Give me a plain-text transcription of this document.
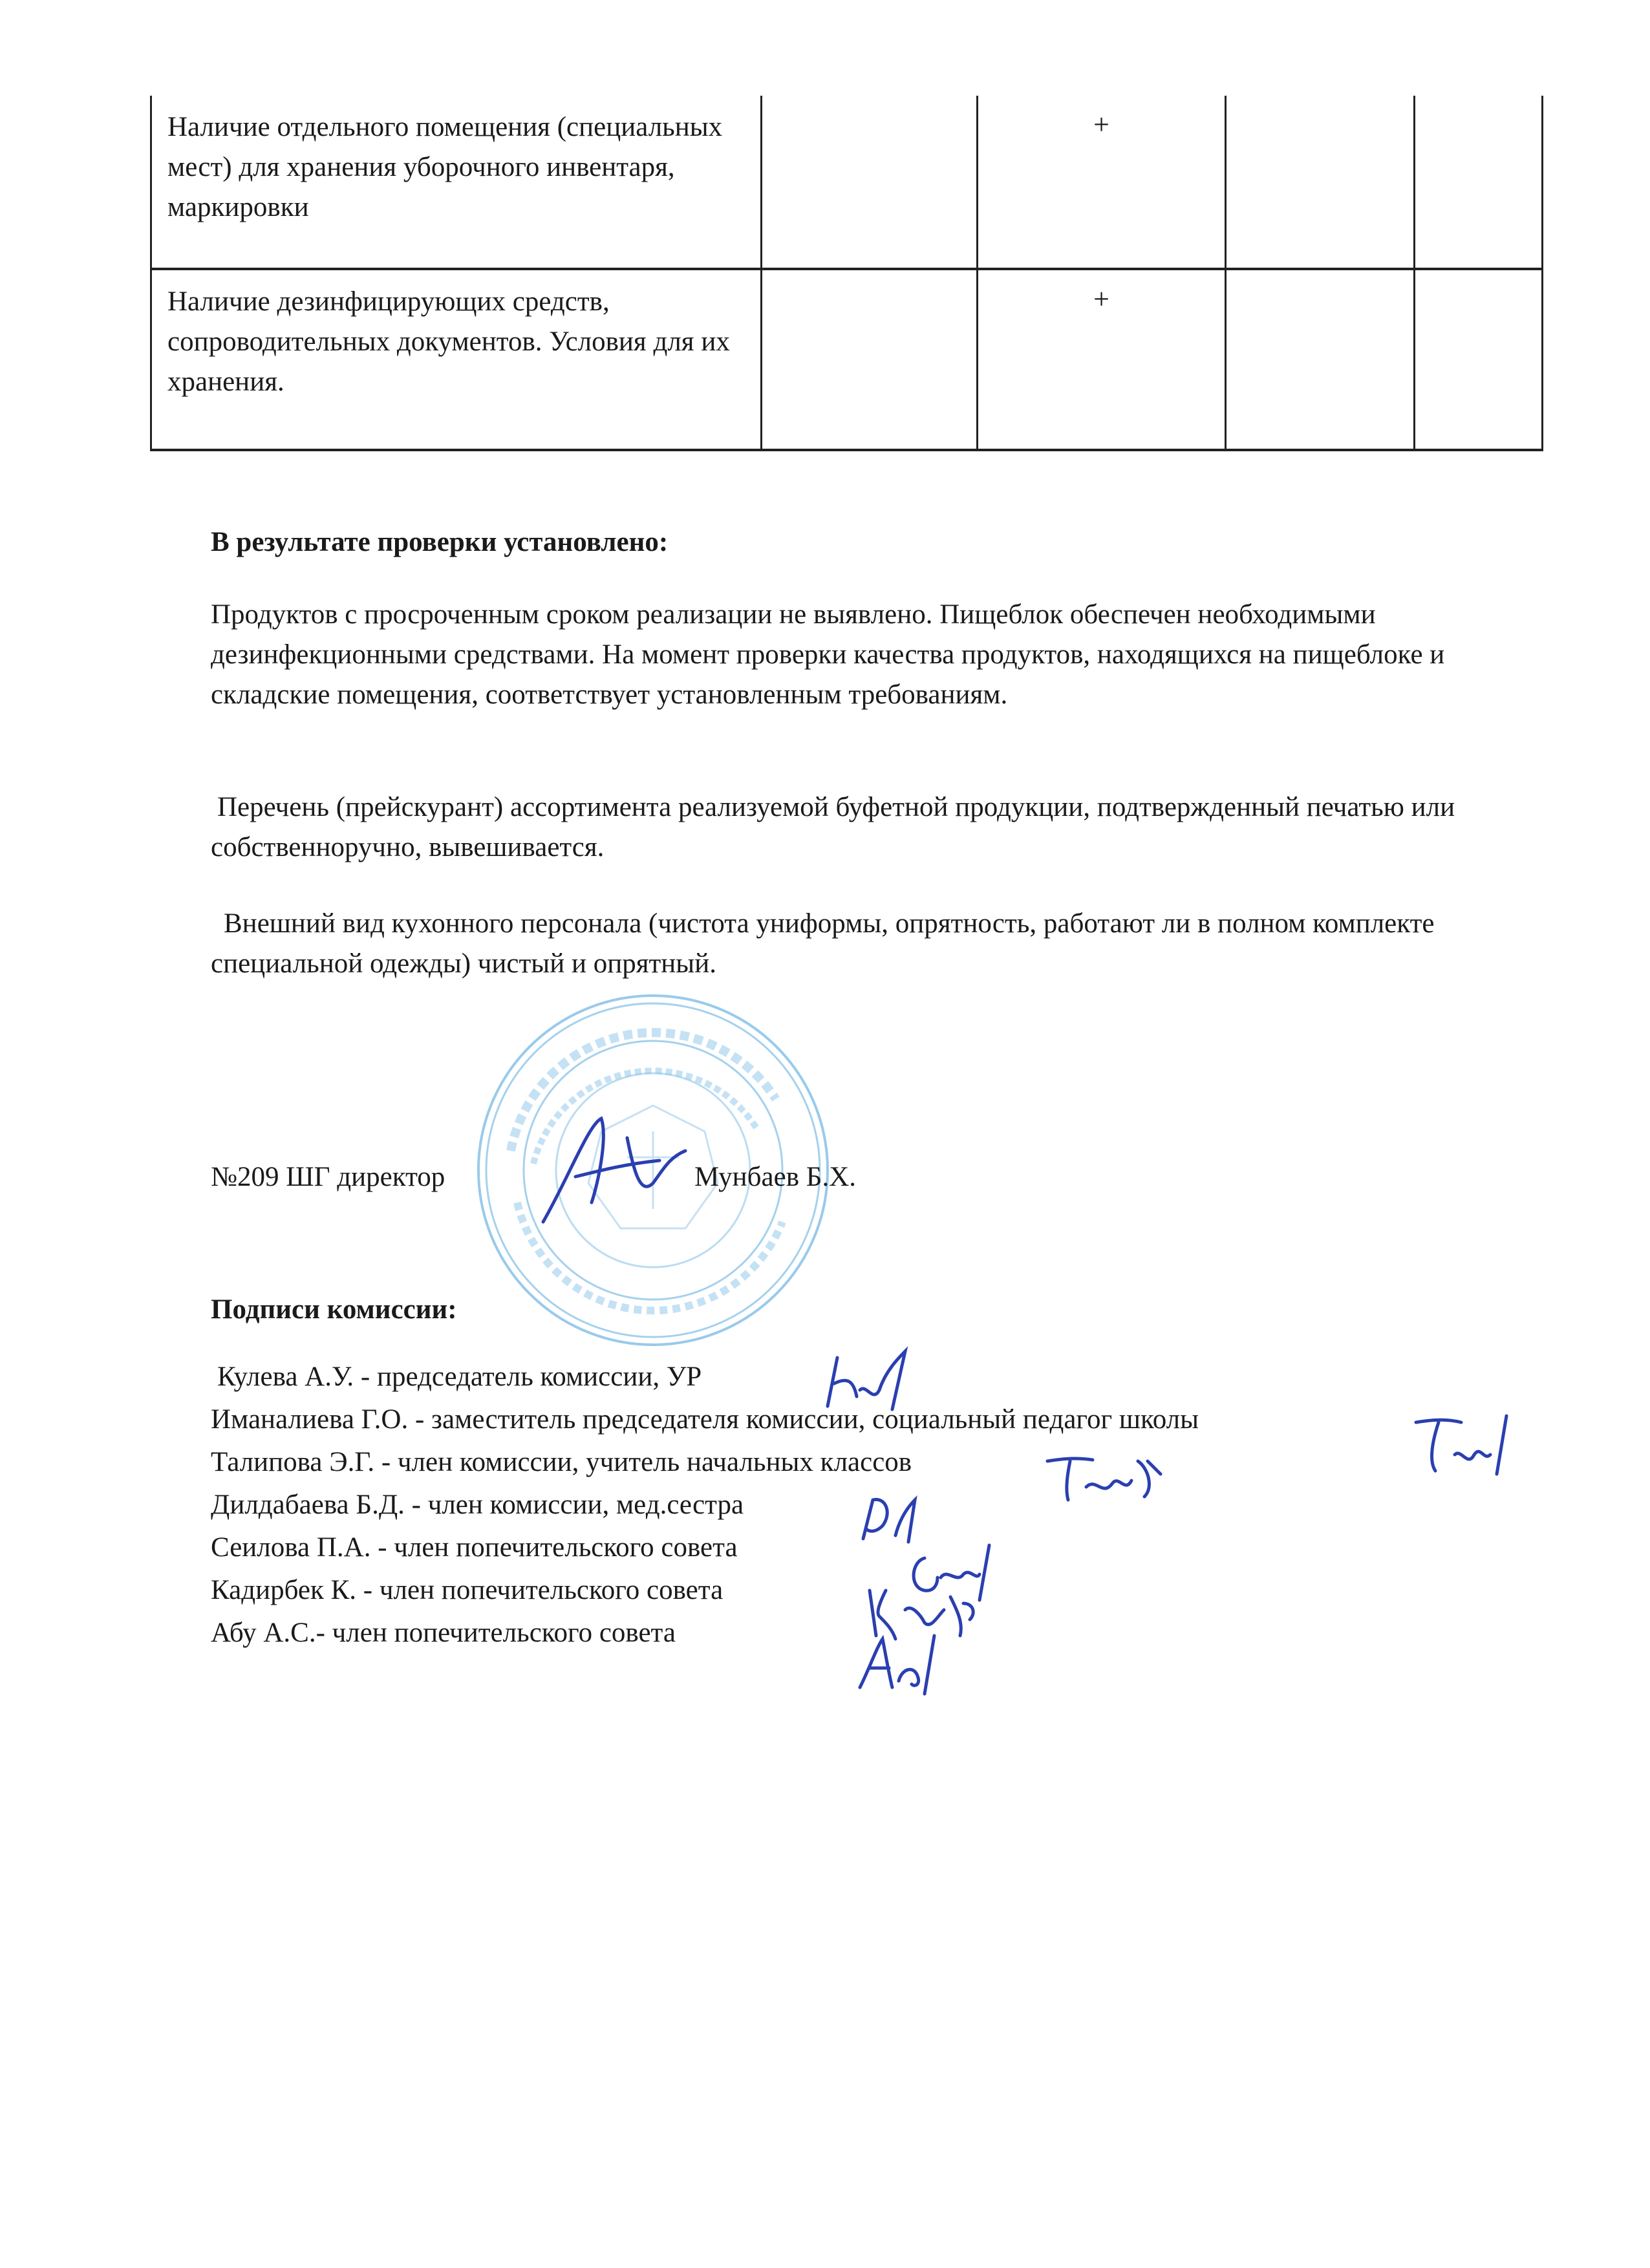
Наличие отдельного помещения (специальных мест) для хранения уборочного инвентаря, маркировки		+		

Наличие дезинфицирующих средств, сопроводительных документов. Условия для их хранения.		+		

В результате проверки установлено:
Продуктов с просроченным сроком реализации не выявлено. Пищеблок обеспечен необходимыми дезинфекционными средствами. На момент проверки качества продуктов, находящихся на пищеблоке и складские помещения, соответствует установленным требованиям.
Перечень (прейскурант) ассортимента реализуемой буфетной продукции, подтвержденный печатью или собственноручно, вывешивается.
Внешний вид кухонного персонала (чистота униформы, опрятность, работают ли в полном комплекте специальной одежды) чистый и опрятный.
№209 ШГ директор	Мунбаев Б.Х.
Подписи комиссии:
Кулева А.У. - председатель комиссии, УР
Иманалиева Г.О. - заместитель председателя комиссии, социальный педагог школы
Талипова Э.Г. - член комиссии, учитель начальных классов
Дилдабаева Б.Д. - член комиссии, мед.сестра
Сеилова П.А. - член попечительского совета
Кадирбек К. - член попечительского совета
Абу А.С.- член попечительского совета
